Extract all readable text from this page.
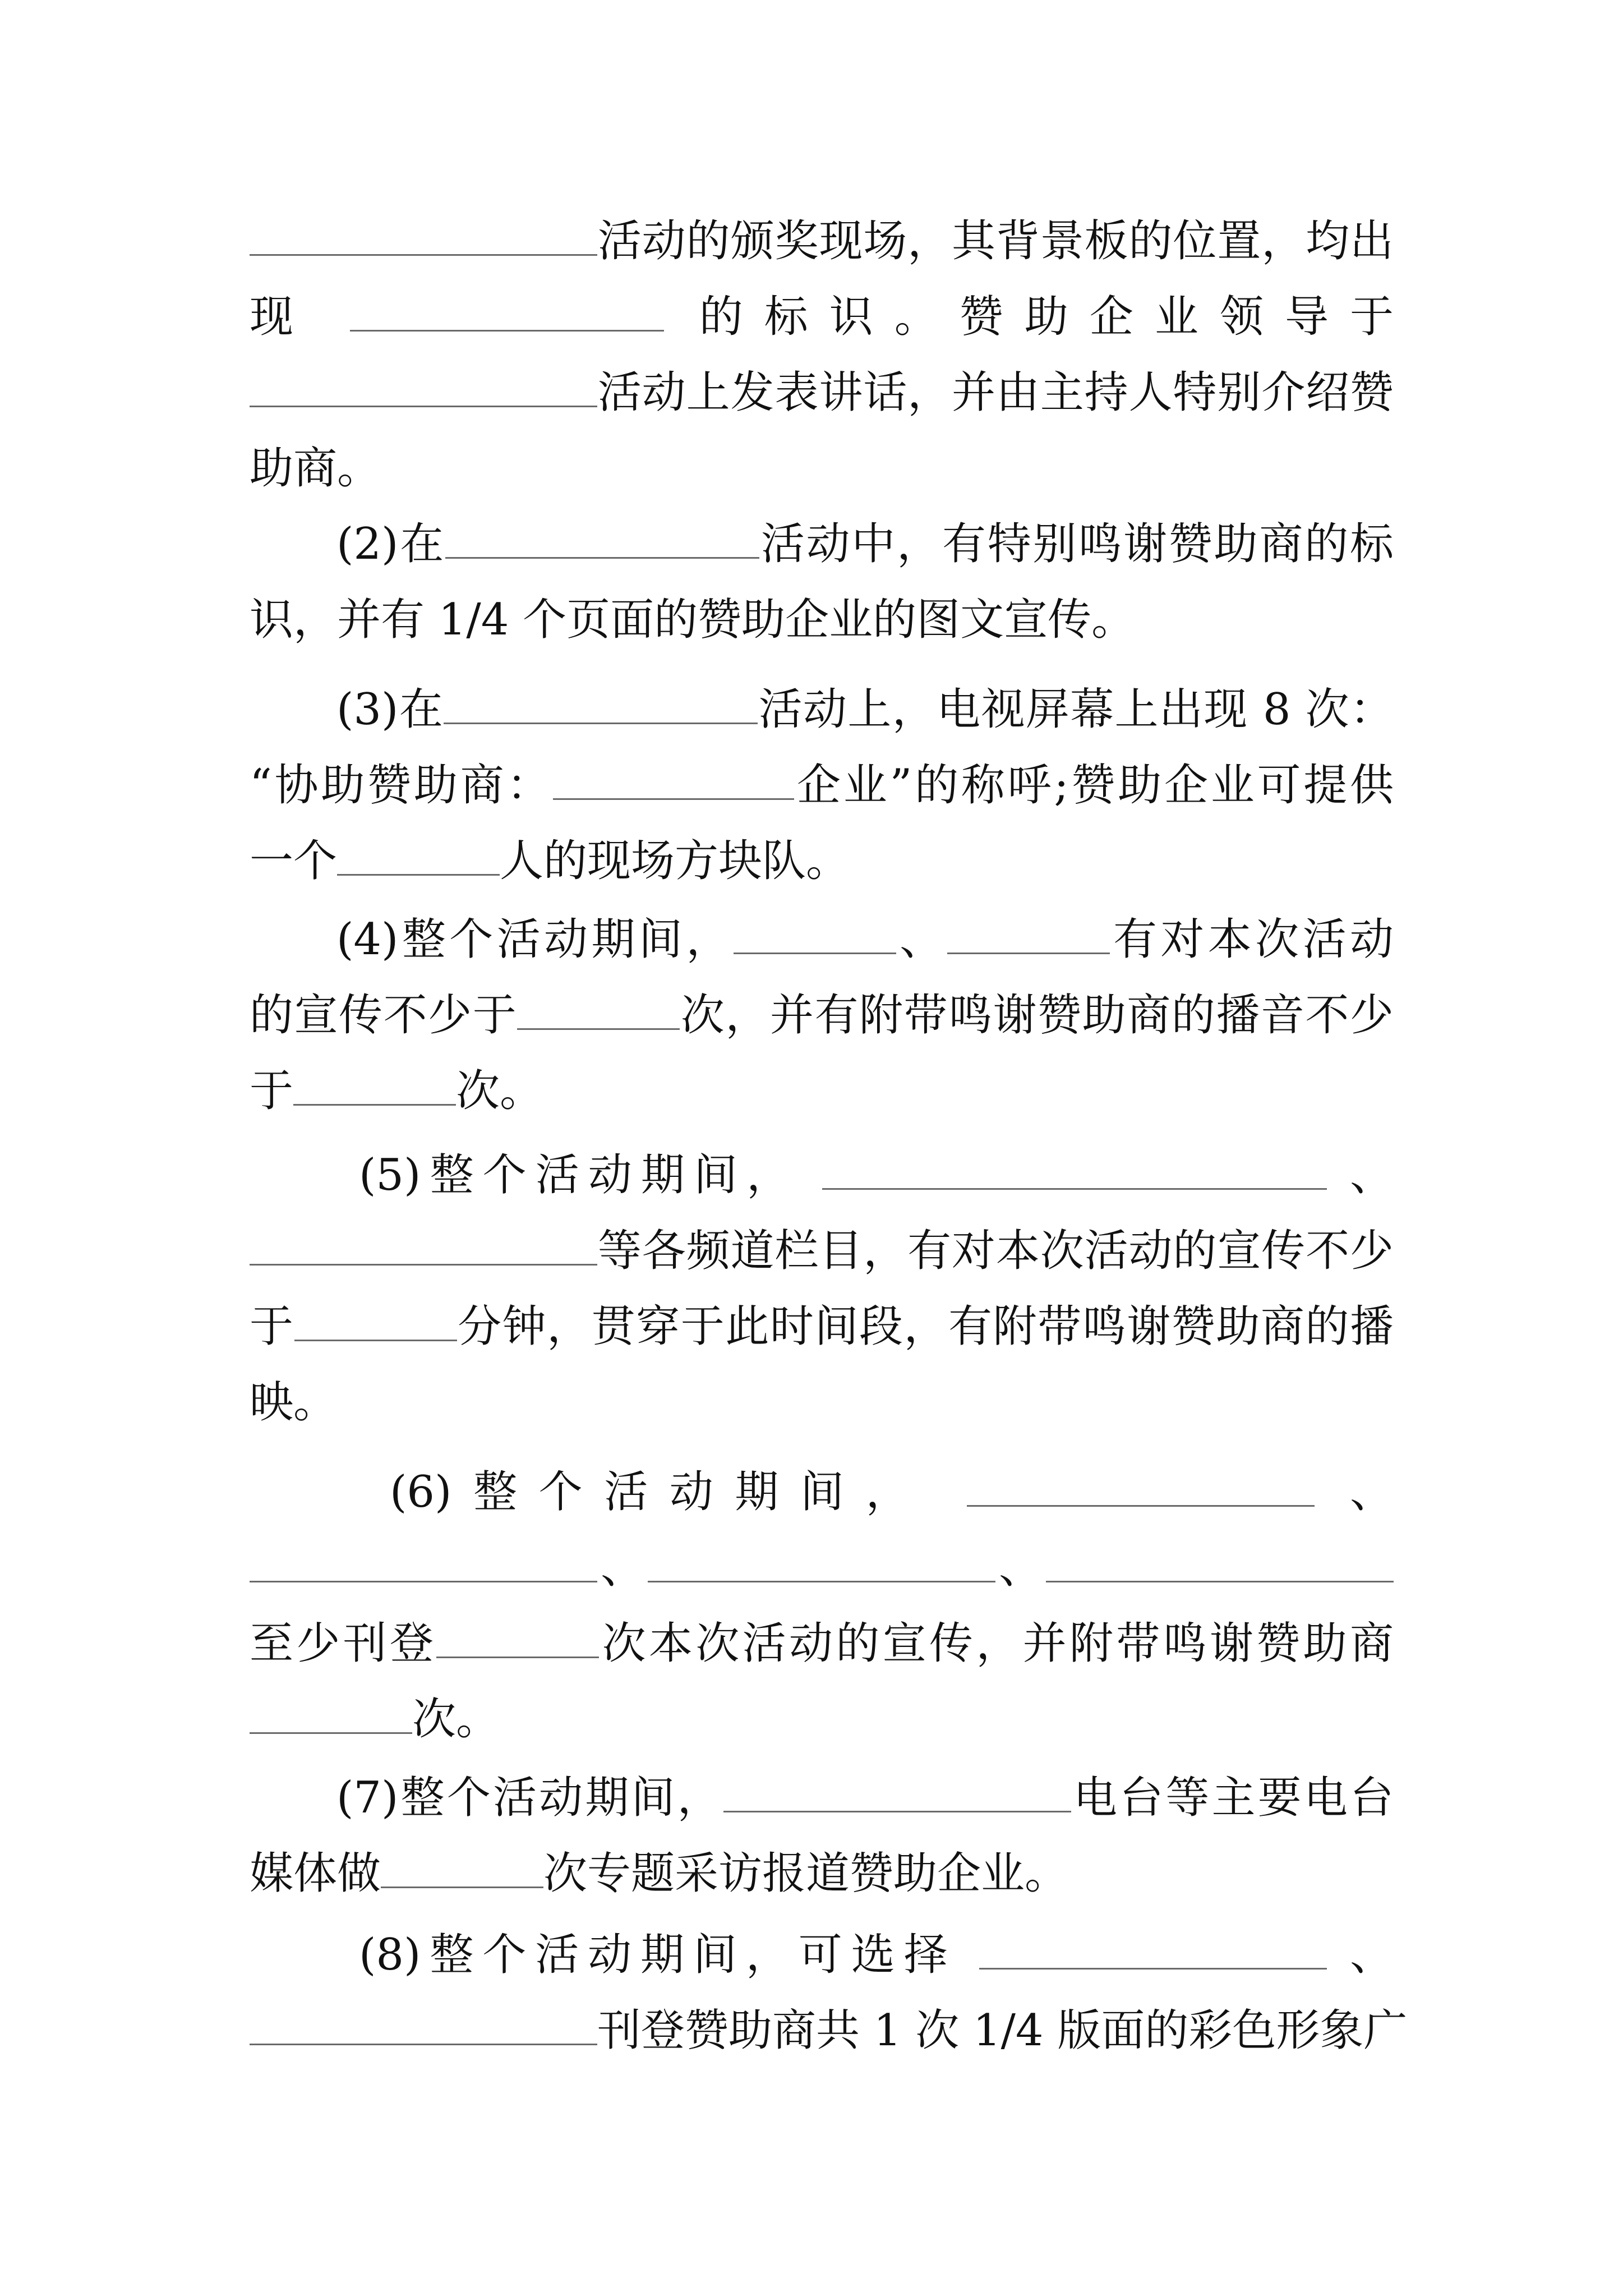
活动的颁奖现场，其背景板的位置，均出
现	的标识。赞助企业领导于
活动上发表讲话，并由主持人特别介绍赞
助商。
(2)在	活动中，有特别鸣谢赞助商的标
识，并有 1/4 个页面的赞助企业的图文宣传。
(3)在	活动上，电视屏幕上出现 8 次：
“协助赞助商：	企业”的称呼;赞助企业可提供
一个	人的现场方块队。
(4)整个活动期间，	、	有对本次活动
的宣传不少于	次，并有附带鸣谢赞助商的播音不少
于	次。
(5)整个活动期间，	、
等各频道栏目，有对本次活动的宣传不少
于	分钟，贯穿于此时间段，有附带鸣谢赞助商的播
映。
(6)整个活动期间，	、
、	、
至少刊登	次本次活动的宣传，并附带鸣谢赞助商
次。
(7)整个活动期间，	电台等主要电台
媒体做	次专题采访报道赞助企业。
(8)整个活动期间，可选择	、
刊登赞助商共 1 次 1/4 版面的彩色形象广
